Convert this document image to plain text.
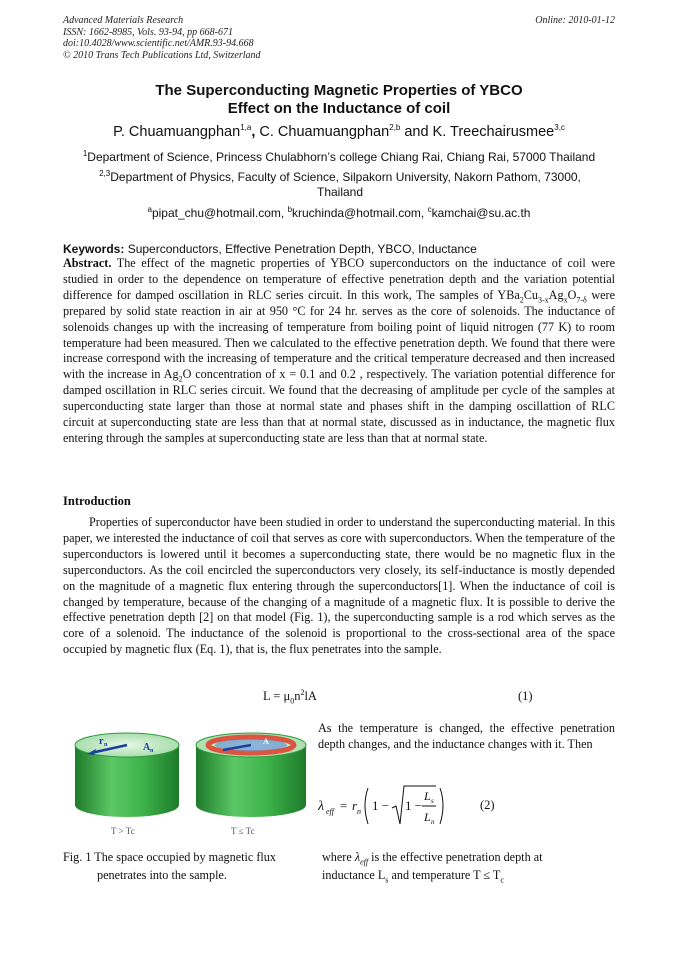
Advanced Materials Research
ISSN: 1662-8985, Vols. 93-94, pp 668-671
doi:10.4028/www.scientific.net/AMR.93-94.668
© 2010 Trans Tech Publications Ltd, Switzerland
Online: 2010-01-12
The Superconducting Magnetic Properties of YBCO
Effect on the Inductance of coil
P. Chuamuangphan$^{1,a}$, C. Chuamuangphan$^{2,b}$ and K. Treechairusmee$^{3,c}$
$^1$Department of Science, Princess Chulabhorn’s college Chiang Rai, Chiang Rai, 57000 Thailand
$^{2,3}$Department of Physics, Faculty of Science, Silpakorn University, Nakorn Pathom, 73000, Thailand
$^a$pipat_chu@hotmail.com, $^b$kruchinda@hotmail.com, $^c$kamchai@su.ac.th
Keywords: Superconductors, Effective Penetration Depth, YBCO, Inductance
Abstract. The effect of the magnetic properties of YBCO superconductors on the inductance of coil were studied in order to the dependence on temperature of effective penetration depth and the variation potential difference for damped oscillation in RLC series circuit. In this work, The samples of $YBa_2Cu_{3-x}Ag_xO_{7-\delta}$ were prepared by solid state reaction in air at 950 °C for 24 hr. serves as the core of solenoids. The inductance of solenoids changes up with the increasing of temperature from boiling point of liquid nitrogen (77 K) to room temperature had been measured. Then we calculated to the effective penetration depth. We found that there were increase correspond with the increasing of temperature and the critical temperature decreased and then increased with the increase in $Ag_2O$ concentration of x = 0.1 and 0.2 , respectively. The variation potential difference for damped oscillation in RLC series circuit. We found that the decreasing of amplitude per cycle of the samples at superconducting state larger than those at normal state and phases shift in the damping oscillattion of RLC circuit at superconducting state are less than that at normal state, discussed as in inductance, the magnetic flux entering through the samples at superconducting state are less than that at normal state.
Introduction
Properties of superconductor have been studied in order to understand the superconducting material. In this paper, we interested the inductance of coil that serves as core with superconductors. When the temperature of the superconductors is lowered until it becomes a superconducting state, there would be no magnetic flux in the superconductors. As the coil encircled the superconductors very closely, its self-inductance is mostly depended on the magnitude of a magnetic flux entering through the superconductors[1]. When the inductance of coil is changed by temperature, because of the changing of a magnitude of a magnetic flux. It is possible to derive the effective penetration depth [2] on that model (Fig. 1), the superconducting sample is a rod which serves as the core of a solenoid. The inductance of the solenoid is proportional to the cross-sectional area of the space occupied by magnetic flux (Eq. 1), that is, the flux penetrates into the sample.
$L = \mu_0n^2lA$	(1)
r n	A n
A
T > Tc	T ≤ Tc
Fig. 1 The space occupied by magnetic flux
penetrates into the sample.
As the temperature is changed, the effective penetration depth changes, and the inductance changes with it. Then
λ eff = r n 1 − 1 −
L s
L n
(2)
where $\lambda_{eff}$ is the effective penetration depth at
inductance $L_s$ and temperature $T \le T_c$
